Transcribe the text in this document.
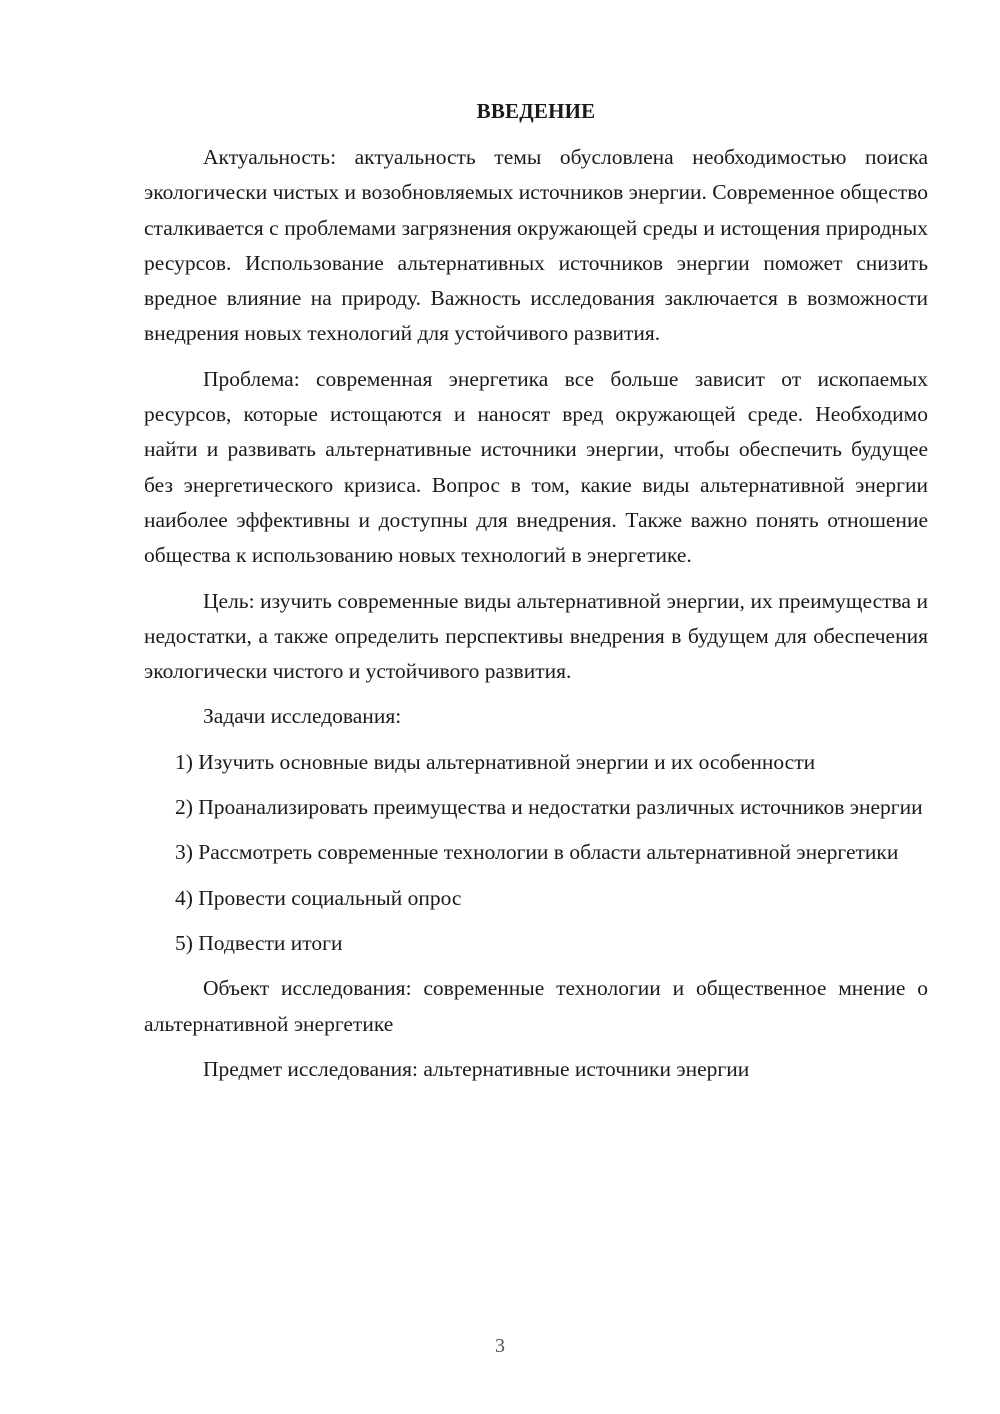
ВВЕДЕНИЕ

Актуальность: актуальность темы обусловлена необходимостью поиска экологически чистых и возобновляемых источников энергии. Современное общество сталкивается с проблемами загрязнения окружающей среды и истощения природных ресурсов. Использование альтернативных источников энергии поможет снизить вредное влияние на природу. Важность исследования заключается в возможности внедрения новых технологий для устойчивого развития.

Проблема: современная энергетика все больше зависит от ископаемых ресурсов, которые истощаются и наносят вред окружающей среде. Необходимо найти и развивать альтернативные источники энергии, чтобы обеспечить будущее без энергетического кризиса. Вопрос в том, какие виды альтернативной энергии наиболее эффективны и доступны для внедрения. Также важно понять отношение общества к использованию новых технологий в энергетике.

Цель: изучить современные виды альтернативной энергии, их преимущества и недостатки, а также определить перспективы внедрения в будущем для обеспечения экологически чистого и устойчивого развития.

Задачи исследования:

1) Изучить основные виды альтернативной энергии и их особенности

2) Проанализировать преимущества и недостатки различных источников энергии

3) Рассмотреть современные технологии в области альтернативной энергетики

4) Провести социальный опрос

5) Подвести итоги

Объект исследования: современные технологии и общественное мнение о альтернативной энергетике

Предмет исследования: альтернативные источники энергии

3
